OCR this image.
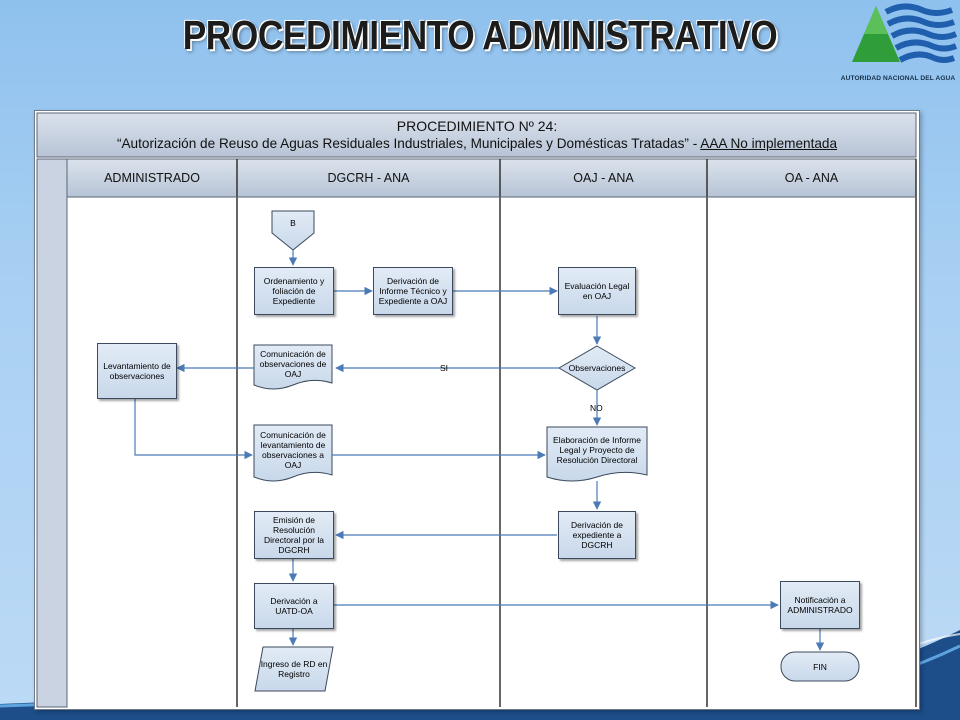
PROCEDIMIENTO ADMINISTRATIVO
AUTORIDAD NACIONAL DEL AGUA
PROCEDIMIENTO Nº 24:
“Autorización de Reuso de Aguas Residuales Industriales, Municipales y Domésticas Tratadas” - AAA No implementada
ADMINISTRADO	DGCRH - ANA	OAJ - ANA	OA - ANA
B
Ordenamiento y foliación de Expediente
Derivación de Informe Técnico y Expediente a OAJ
Evaluación Legal en OAJ
Observaciones
Comunicación de observaciones de OAJ
Levantamiento de observaciones
SI
NO
Comunicación de levantamiento de observaciones a OAJ
Elaboración de Informe Legal y Proyecto de Resolución Directoral
Derivación de expediente a DGCRH
Emisión de Resolución Directoral por la DGCRH
Derivación a UATD-OA
Notificación a ADMINISTRADO
Ingreso de RD en Registro
FIN
